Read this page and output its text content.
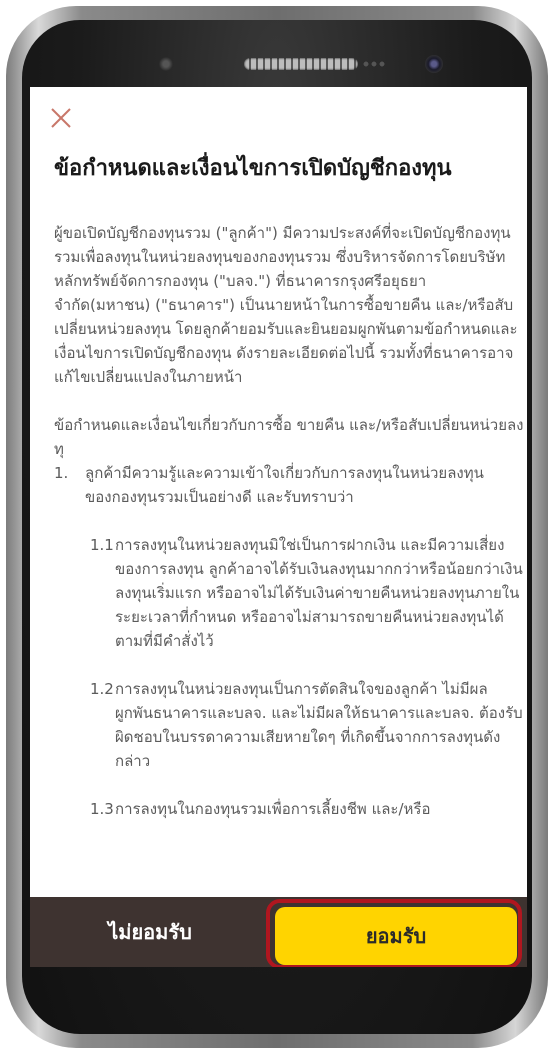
ข้อกำหนดและเงื่อนไขการเปิดบัญชีกองทุน

ผู้ขอเปิดบัญชีกองทุนรวม ("ลูกค้า") มีความประสงค์ที่จะเปิดบัญชีกองทุนรวมเพื่อลงทุนในหน่วยลงทุนของกองทุนรวม ซึ่งบริหารจัดการโดยบริษัทหลักทรัพย์จัดการกองทุน ("บลจ.") ที่ธนาคารกรุงศรีอยุธยา จำกัด(มหาชน) ("ธนาคาร") เป็นนายหน้าในการซื้อขายคืน และ/หรือสับเปลี่ยนหน่วยลงทุน โดยลูกค้ายอมรับและยินยอมผูกพันตามข้อกำหนดและเงื่อนไขการเปิดบัญชีกองทุน ดังรายละเอียดต่อไปนี้ รวมทั้งที่ธนาคารอาจแก้ไขเปลี่ยนแปลงในภายหน้า

ข้อกำหนดและเงื่อนไขเกี่ยวกับการซื้อ ขายคืน และ/หรือสับเปลี่ยนหน่วยลงทุ

1.	ลูกค้ามีความรู้และความเข้าใจเกี่ยวกับการลงทุนในหน่วยลงทุนของกองทุนรวมเป็นอย่างดี และรับทราบว่า
1.1 การลงทุนในหน่วยลงทุนมิใช่เป็นการฝากเงิน และมีความเสี่ยงของการลงทุน ลูกค้าอาจได้รับเงินลงทุนมากกว่าหรือน้อยกว่าเงินลงทุนเริ่มแรก หรืออาจไม่ได้รับเงินค่าขายคืนหน่วยลงทุนภายในระยะเวลาที่กำหนด หรืออาจไม่สามารถขายคืนหน่วยลงทุนได้ตามที่มีคำสั่งไว้
1.2 การลงทุนในหน่วยลงทุนเป็นการตัดสินใจของลูกค้า ไม่มีผลผูกพันธนาคารและบลจ. และไม่มีผลให้ธนาคารและบลจ. ต้องรับผิดชอบในบรรดาความเสียหายใดๆ ที่เกิดขึ้นจากการลงทุนดังกล่าว
1.3 การลงทุนในกองทุนรวมเพื่อการเลี้ยงชีพ และ/หรือ
ไม่ยอมรับ	ยอมรับ
